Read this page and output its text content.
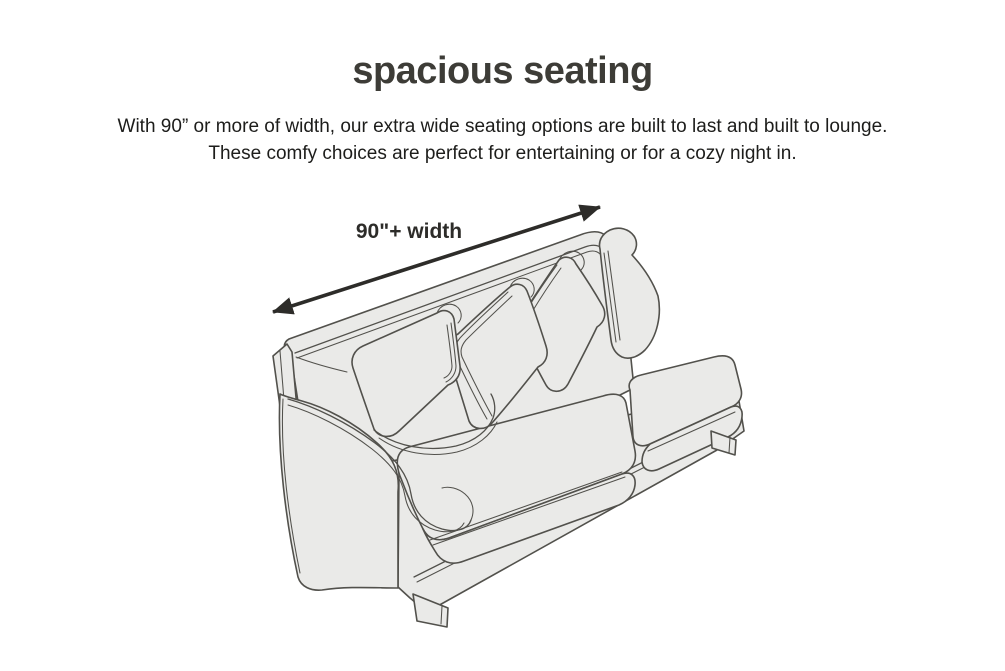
spacious seating

With 90” or more of width, our extra wide seating options are built to last and built to lounge.

These comfy choices are perfect for entertaining or for a cozy night in.

90"+ width
